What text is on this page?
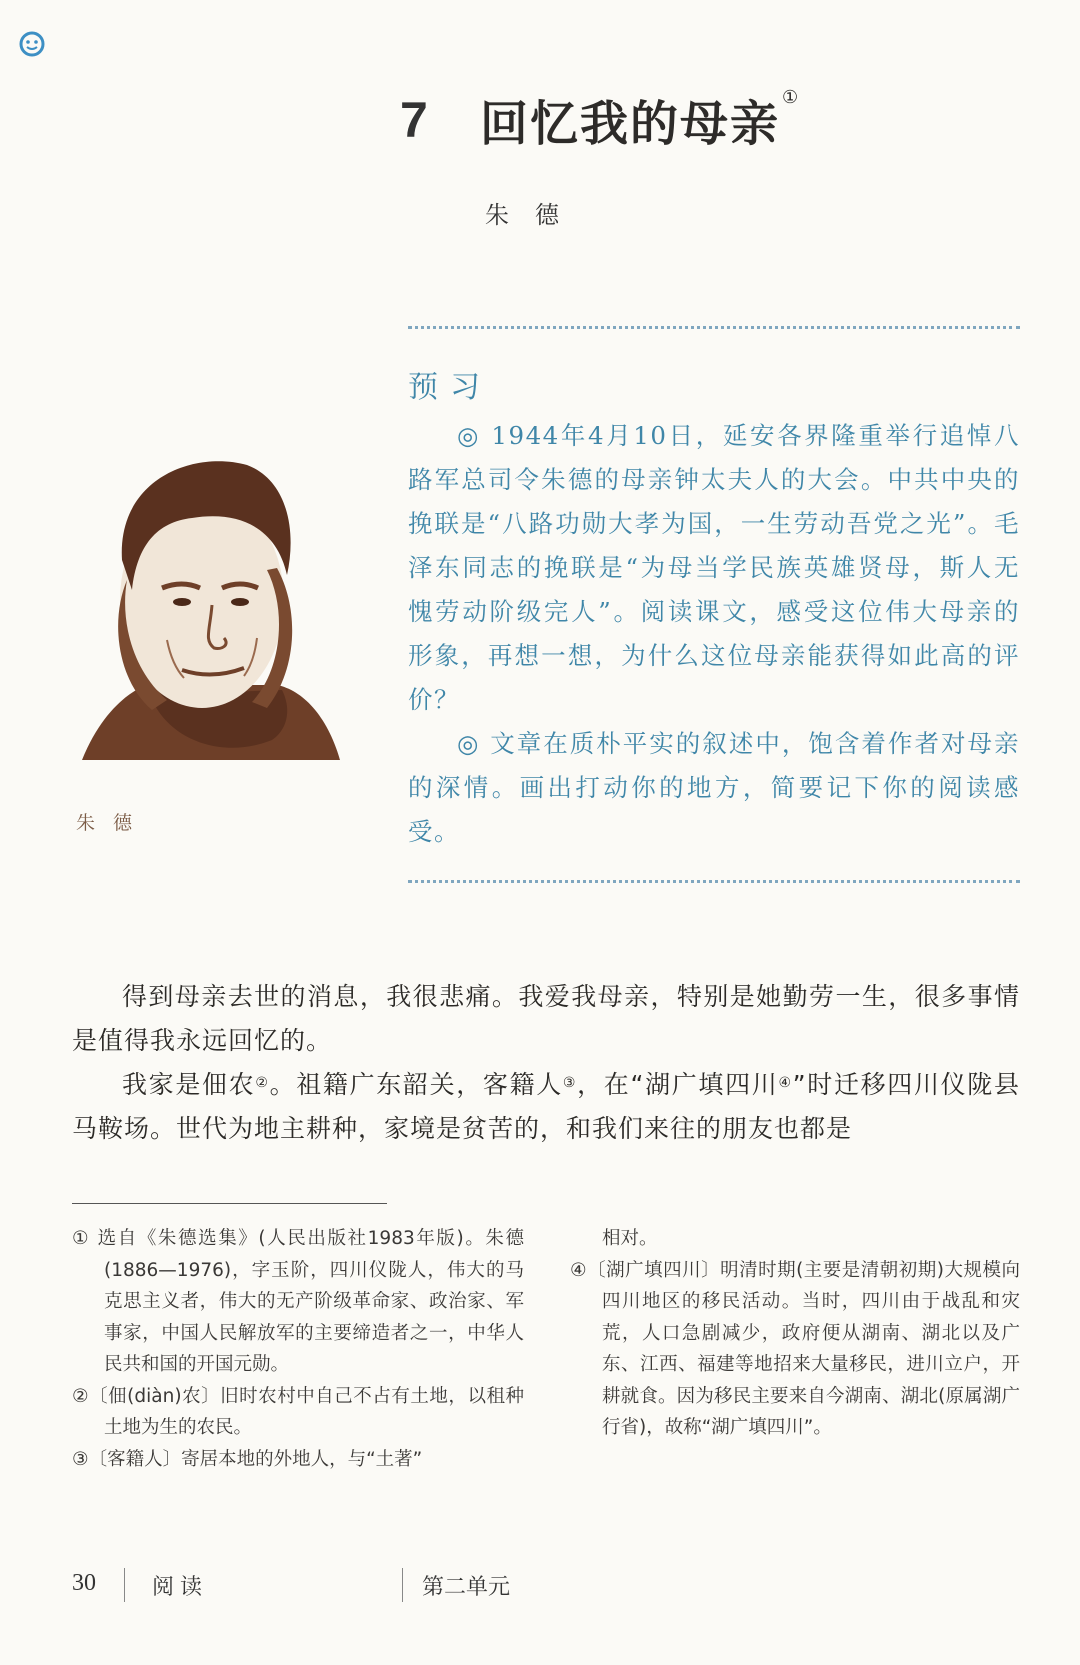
7	回忆我的母亲 ①
朱德
预习

◎ 1944年4月10日，延安各界隆重举行追悼八路军总司令朱德的母亲钟太夫人的大会。中共中央的挽联是“八路功勋大孝为国，一生劳动吾党之光”。毛泽东同志的挽联是“为母当学民族英雄贤母，斯人无愧劳动阶级完人”。阅读课文，感受这位伟大母亲的形象，再想一想，为什么这位母亲能获得如此高的评价？

◎ 文章在质朴平实的叙述中，饱含着作者对母亲的深情。画出打动你的地方，简要记下你的阅读感受。

朱德

得到母亲去世的消息，我很悲痛。我爱我母亲，特别是她勤劳一生，很多事情是值得我永远回忆的。

我家是佃农②。祖籍广东韶关，客籍人③，在“湖广填四川④”时迁移四川仪陇县马鞍场。世代为地主耕种，家境是贫苦的，和我们来往的朋友也都是

① 选自《朱德选集》(人民出版社1983年版)。朱德(1886—1976)，字玉阶，四川仪陇人，伟大的马克思主义者，伟大的无产阶级革命家、政治家、军事家，中国人民解放军的主要缔造者之一，中华人民共和国的开国元勋。

②〔佃(diàn)农〕旧时农村中自己不占有土地，以租种土地为生的农民。

③〔客籍人〕寄居本地的外地人，与“土著”

相对。

④〔湖广填四川〕明清时期(主要是清朝初期)大规模向四川地区的移民活动。当时，四川由于战乱和灾荒，人口急剧减少，政府便从湖南、湖北以及广东、江西、福建等地招来大量移民，进川立户，开耕就食。因为移民主要来自今湖南、湖北(原属湖广行省)，故称“湖广填四川”。

30	阅读	第二单元
